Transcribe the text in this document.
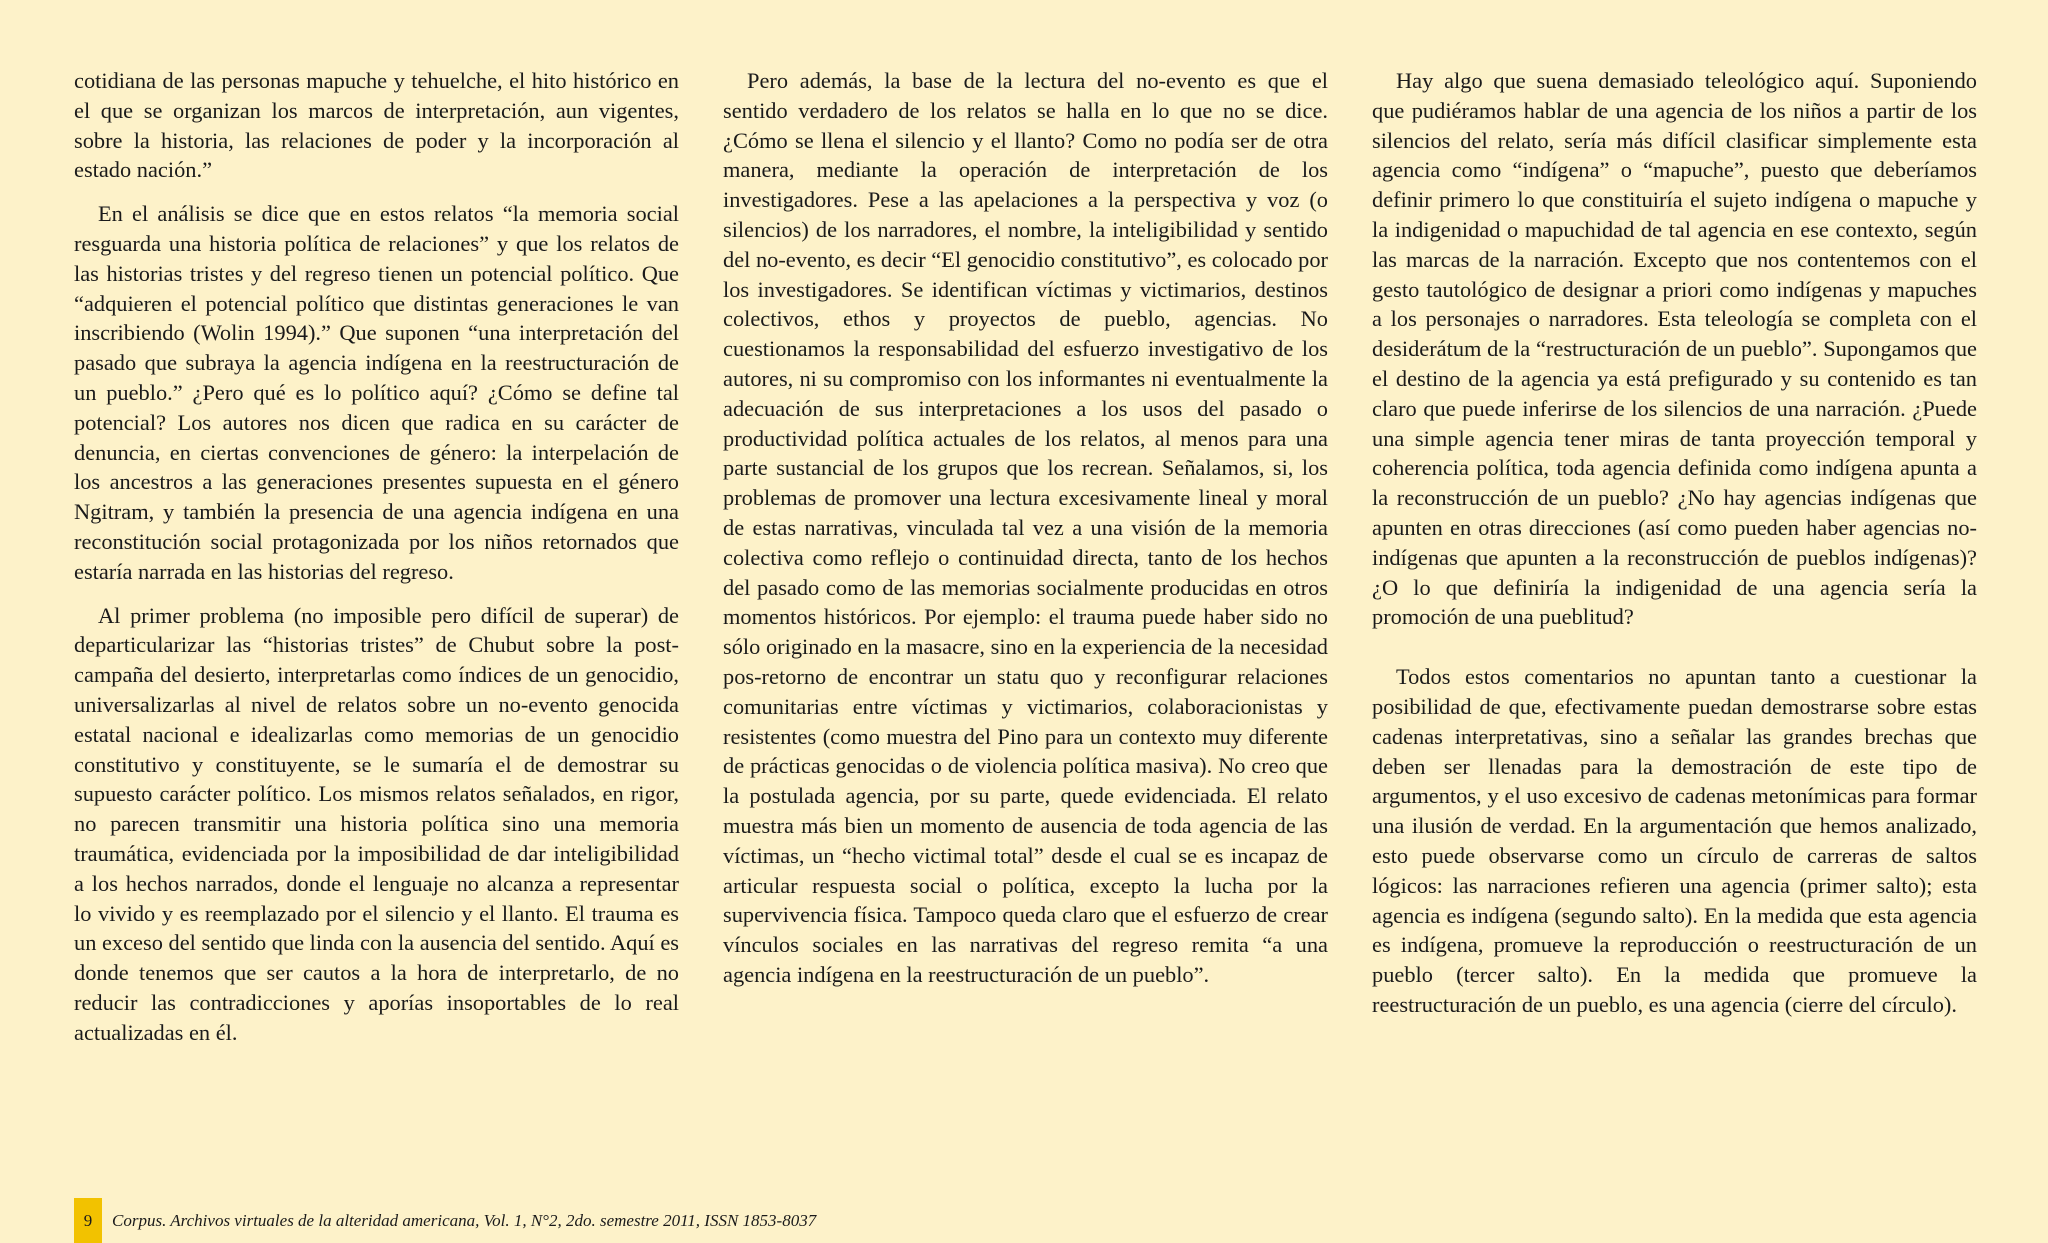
cotidiana de las personas mapuche y tehuelche, el hito histórico en el que se organizan los marcos de interpretación, aun vigentes, sobre la historia, las relaciones de poder y la incorporación al estado nación.”

En el análisis se dice que en estos relatos “la memoria social resguarda una historia política de relaciones” y que los relatos de las historias tristes y del regreso tienen un potencial político. Que “adquieren el potencial político que distintas generaciones le van inscribiendo (Wolin 1994).” Que suponen “una interpretación del pasado que subraya la agencia indígena en la reestructuración de un pueblo.” ¿Pero qué es lo político aquí? ¿Cómo se define tal potencial? Los autores nos dicen que radica en su carácter de denuncia, en ciertas convenciones de género: la interpelación de los ancestros a las generaciones presentes supuesta en el género Ngitram, y también la presencia de una agencia indígena en una reconstitución social protagonizada por los niños retornados que estaría narrada en las historias del regreso.

Al primer problema (no imposible pero difícil de superar) de departicularizar las “historias tristes” de Chubut sobre la post-campaña del desierto, interpretarlas como índices de un genocidio, universalizarlas al nivel de relatos sobre un no-evento genocida estatal nacional e idealizarlas como memorias de un genocidio constitutivo y constituyente, se le sumaría el de demostrar su supuesto carácter político. Los mismos relatos señalados, en rigor, no parecen transmitir una historia política sino una memoria traumática, evidenciada por la imposibilidad de dar inteligibilidad a los hechos narrados, donde el lenguaje no alcanza a representar lo vivido y es reemplazado por el silencio y el llanto. El trauma es un exceso del sentido que linda con la ausencia del sentido. Aquí es donde tenemos que ser cautos a la hora de interpretarlo, de no reducir las contradicciones y aporías insoportables de lo real actualizadas en él.

Pero además, la base de la lectura del no-evento es que el sentido verdadero de los relatos se halla en lo que no se dice. ¿Cómo se llena el silencio y el llanto? Como no podía ser de otra manera, mediante la operación de interpretación de los investigadores. Pese a las apelaciones a la perspectiva y voz (o silencios) de los narradores, el nombre, la inteligibilidad y sentido del no-evento, es decir “El genocidio constitutivo”, es colocado por los investigadores. Se identifican víctimas y victimarios, destinos colectivos, ethos y proyectos de pueblo, agencias. No cuestionamos la responsabilidad del esfuerzo investigativo de los autores, ni su compromiso con los informantes ni eventualmente la adecuación de sus interpretaciones a los usos del pasado o productividad política actuales de los relatos, al menos para una parte sustancial de los grupos que los recrean. Señalamos, si, los problemas de promover una lectura excesivamente lineal y moral de estas narrativas, vinculada tal vez a una visión de la memoria colectiva como reflejo o continuidad directa, tanto de los hechos del pasado como de las memorias socialmente producidas en otros momentos históricos. Por ejemplo: el trauma puede haber sido no sólo originado en la masacre, sino en la experiencia de la necesidad pos-retorno de encontrar un statu quo y reconfigurar relaciones comunitarias entre víctimas y victimarios, colaboracionistas y resistentes (como muestra del Pino para un contexto muy diferente de prácticas genocidas o de violencia política masiva). No creo que la postulada agencia, por su parte, quede evidenciada. El relato muestra más bien un momento de ausencia de toda agencia de las víctimas, un “hecho victimal total” desde el cual se es incapaz de articular respuesta social o política, excepto la lucha por la supervivencia física. Tampoco queda claro que el esfuerzo de crear vínculos sociales en las narrativas del regreso remita “a una agencia indígena en la reestructuración de un pueblo”.

Hay algo que suena demasiado teleológico aquí. Suponiendo que pudiéramos hablar de una agencia de los niños a partir de los silencios del relato, sería más difícil clasificar simplemente esta agencia como “indígena” o “mapuche”, puesto que deberíamos definir primero lo que constituiría el sujeto indígena o mapuche y la indigenidad o mapuchidad de tal agencia en ese contexto, según las marcas de la narración. Excepto que nos contentemos con el gesto tautológico de designar a priori como indígenas y mapuches a los personajes o narradores. Esta teleología se completa con el desiderátum de la “restructuración de un pueblo”. Supongamos que el destino de la agencia ya está prefigurado y su contenido es tan claro que puede inferirse de los silencios de una narración. ¿Puede una simple agencia tener miras de tanta proyección temporal y coherencia política, toda agencia definida como indígena apunta a la reconstrucción de un pueblo? ¿No hay agencias indígenas que apunten en otras direcciones (así como pueden haber agencias no-indígenas que apunten a la reconstrucción de pueblos indígenas)? ¿O lo que definiría la indigenidad de una agencia sería la promoción de una pueblitud?

Todos estos comentarios no apuntan tanto a cuestionar la posibilidad de que, efectivamente puedan demostrarse sobre estas cadenas interpretativas, sino a señalar las grandes brechas que deben ser llenadas para la demostración de este tipo de argumentos, y el uso excesivo de cadenas metonímicas para formar una ilusión de verdad. En la argumentación que hemos analizado, esto puede observarse como un círculo de carreras de saltos lógicos: las narraciones refieren una agencia (primer salto); esta agencia es indígena (segundo salto). En la medida que esta agencia es indígena, promueve la reproducción o reestructuración de un pueblo (tercer salto). En la medida que promueve la reestructuración de un pueblo, es una agencia (cierre del círculo).

9	Corpus. Archivos virtuales de la alteridad americana, Vol. 1, N°2, 2do. semestre 2011, ISSN 1853-8037
